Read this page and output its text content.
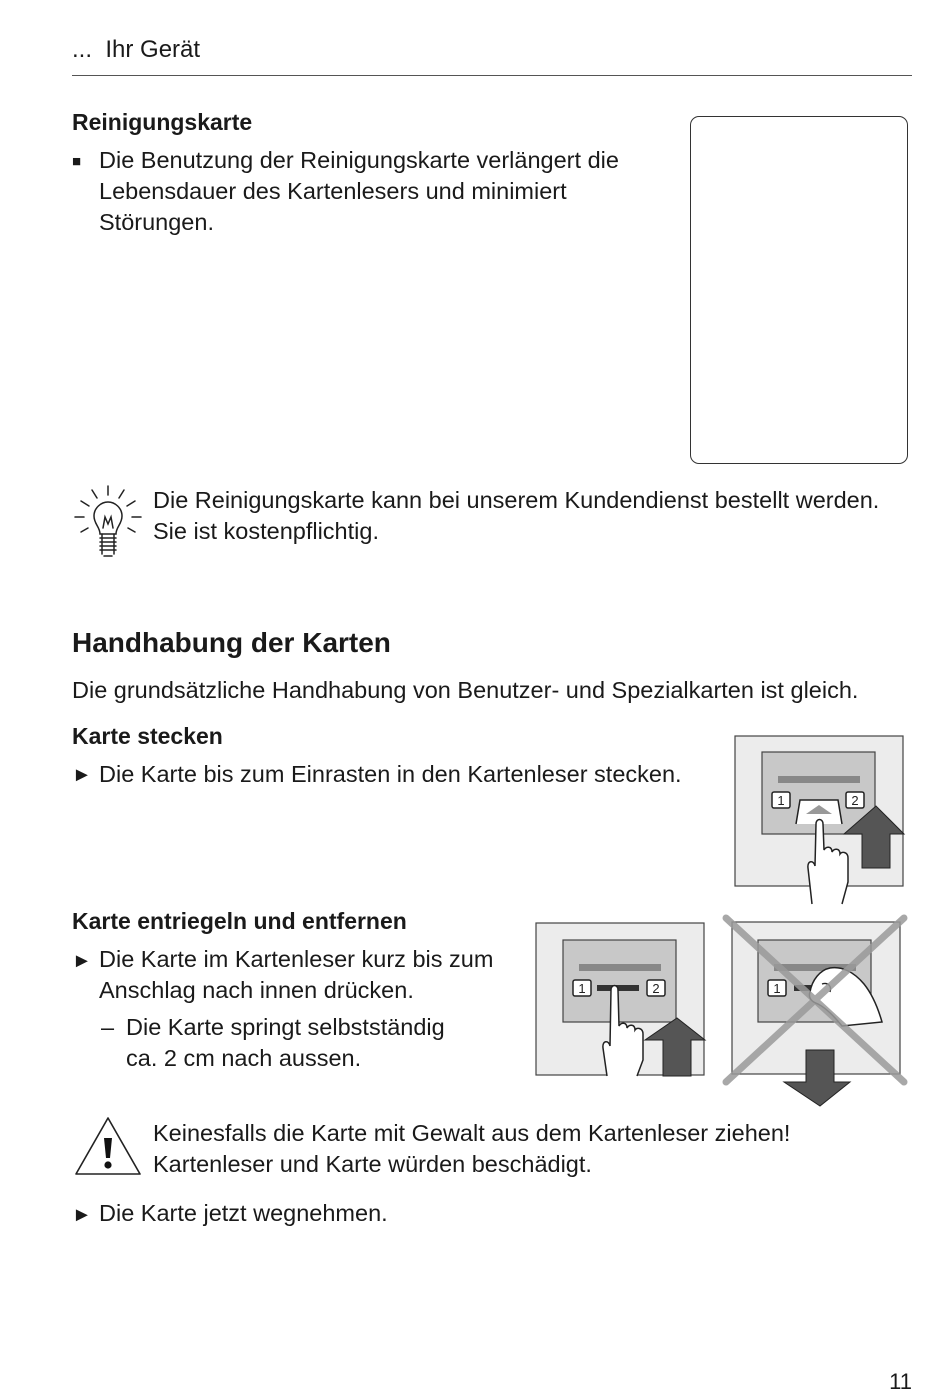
... Ihr Gerät
Reinigungskarte
■ Die Benutzung der Reinigungskarte verlängert die
Lebensdauer des Kartenlesers und minimiert
Störungen.
Die Reinigungskarte kann bei unserem Kundendienst bestellt werden.
Sie ist kostenpflichtig.
Handhabung der Karten
Die grundsätzliche Handhabung von Benutzer- und Spezialkarten ist gleich.
Karte stecken
► Die Karte bis zum Einrasten in den Kartenleser stecken.
1	2
Karte entriegeln und entfernen
► Die Karte im Kartenleser kurz bis zum
Anschlag nach innen drücken.
– Die Karte springt selbstständig
ca. 2 cm nach aussen.
1	2	1
Keinesfalls die Karte mit Gewalt aus dem Kartenleser ziehen!
Kartenleser und Karte würden beschädigt.
► Die Karte jetzt wegnehmen.
11
